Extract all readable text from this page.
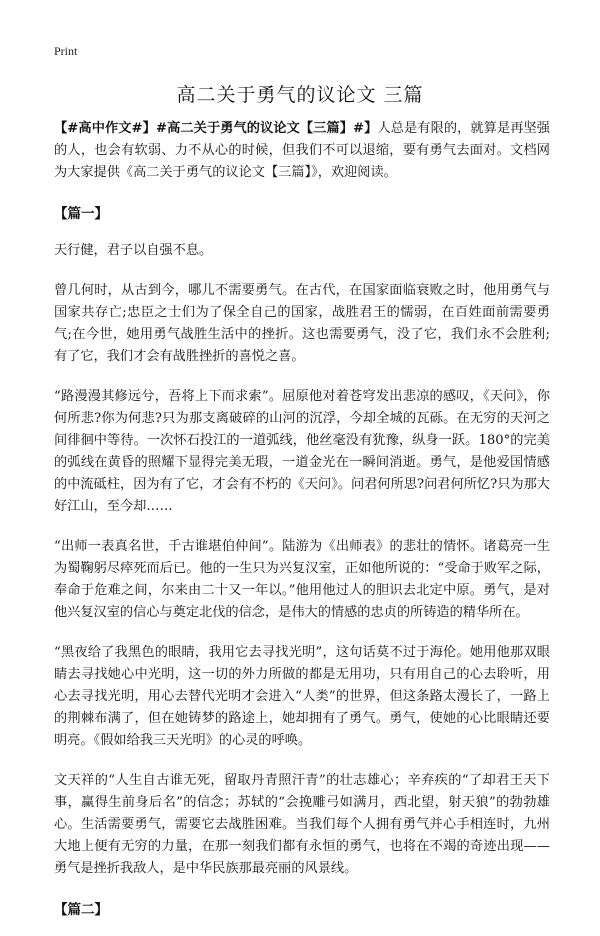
Print
高二关于勇气的议论文 三篇

【#高中作文#】#高二关于勇气的议论文【三篇】#】人总是有限的，就算是再坚强的人，也会有软弱、力不从心的时候，但我们不可以退缩，要有勇气去面对。文档网为大家提供《高二关于勇气的议论文【三篇】》，欢迎阅读。

【篇一】

天行健，君子以自强不息。

曾几何时，从古到今，哪儿不需要勇气。在古代，在国家面临衰败之时，他用勇气与国家共存亡;忠臣之士们为了保全自己的国家，战胜君王的懦弱，在百姓面前需要勇气;在今世，她用勇气战胜生活中的挫折。这也需要勇气，没了它，我们永不会胜利;有了它，我们才会有战胜挫折的喜悦之喜。

“路漫漫其修远兮，吾将上下而求索”。屈原他对着苍穹发出悲凉的感叹，《天问》，你何所悲?你为何悲?只为那支离破碎的山河的沉浮，今却全城的瓦砾。在无穷的天河之间徘徊中等待。一次怀石投江的一道弧线，他丝毫没有犹豫，纵身一跃。180°的完美的弧线在黄昏的照耀下显得完美无瑕，一道金光在一瞬间消逝。勇气，是他爱国情感的中流砥柱，因为有了它，才会有不朽的《天问》。问君何所思?问君何所忆?只为那大好江山，至今却……

“出师一表真名世，千古谁堪伯仲间”。陆游为《出师表》的悲壮的情怀。诸葛亮一生为蜀鞠躬尽瘁死而后已。他的一生只为兴复汉室，正如他所说的：“受命于败军之际，奉命于危难之间，尔来由二十又一年以。”他用他过人的胆识去北定中原。勇气，是对他兴复汉室的信心与奠定北伐的信念，是伟大的情感的忠贞的所铸造的精华所在。

“黑夜给了我黑色的眼睛，我用它去寻找光明”，这句话莫不过于海伦。她用他那双眼睛去寻找她心中光明，这一切的外力所做的都是无用功，只有用自己的心去聆听，用心去寻找光明，用心去替代光明才会进入“人类”的世界，但这条路太漫长了，一路上的荆棘布满了，但在她铸梦的路途上，她却拥有了勇气。勇气，使她的心比眼睛还要明亮。《假如给我三天光明》的心灵的呼唤。

文天祥的“人生自古谁无死，留取丹青照汗青”的壮志雄心；辛弃疾的“了却君王天下事，赢得生前身后名”的信念；苏轼的“会挽雕弓如满月，西北望，射天狼”的勃勃雄心。生活需要勇气，需要它去战胜困难。当我们每个人拥有勇气并心手相连时，九州大地上便有无穷的力量，在那一刻我们都有永恒的勇气，也将在不竭的奇迹出现——勇气是挫折我敌人，是中华民族那最亮丽的风景线。

【篇二】
